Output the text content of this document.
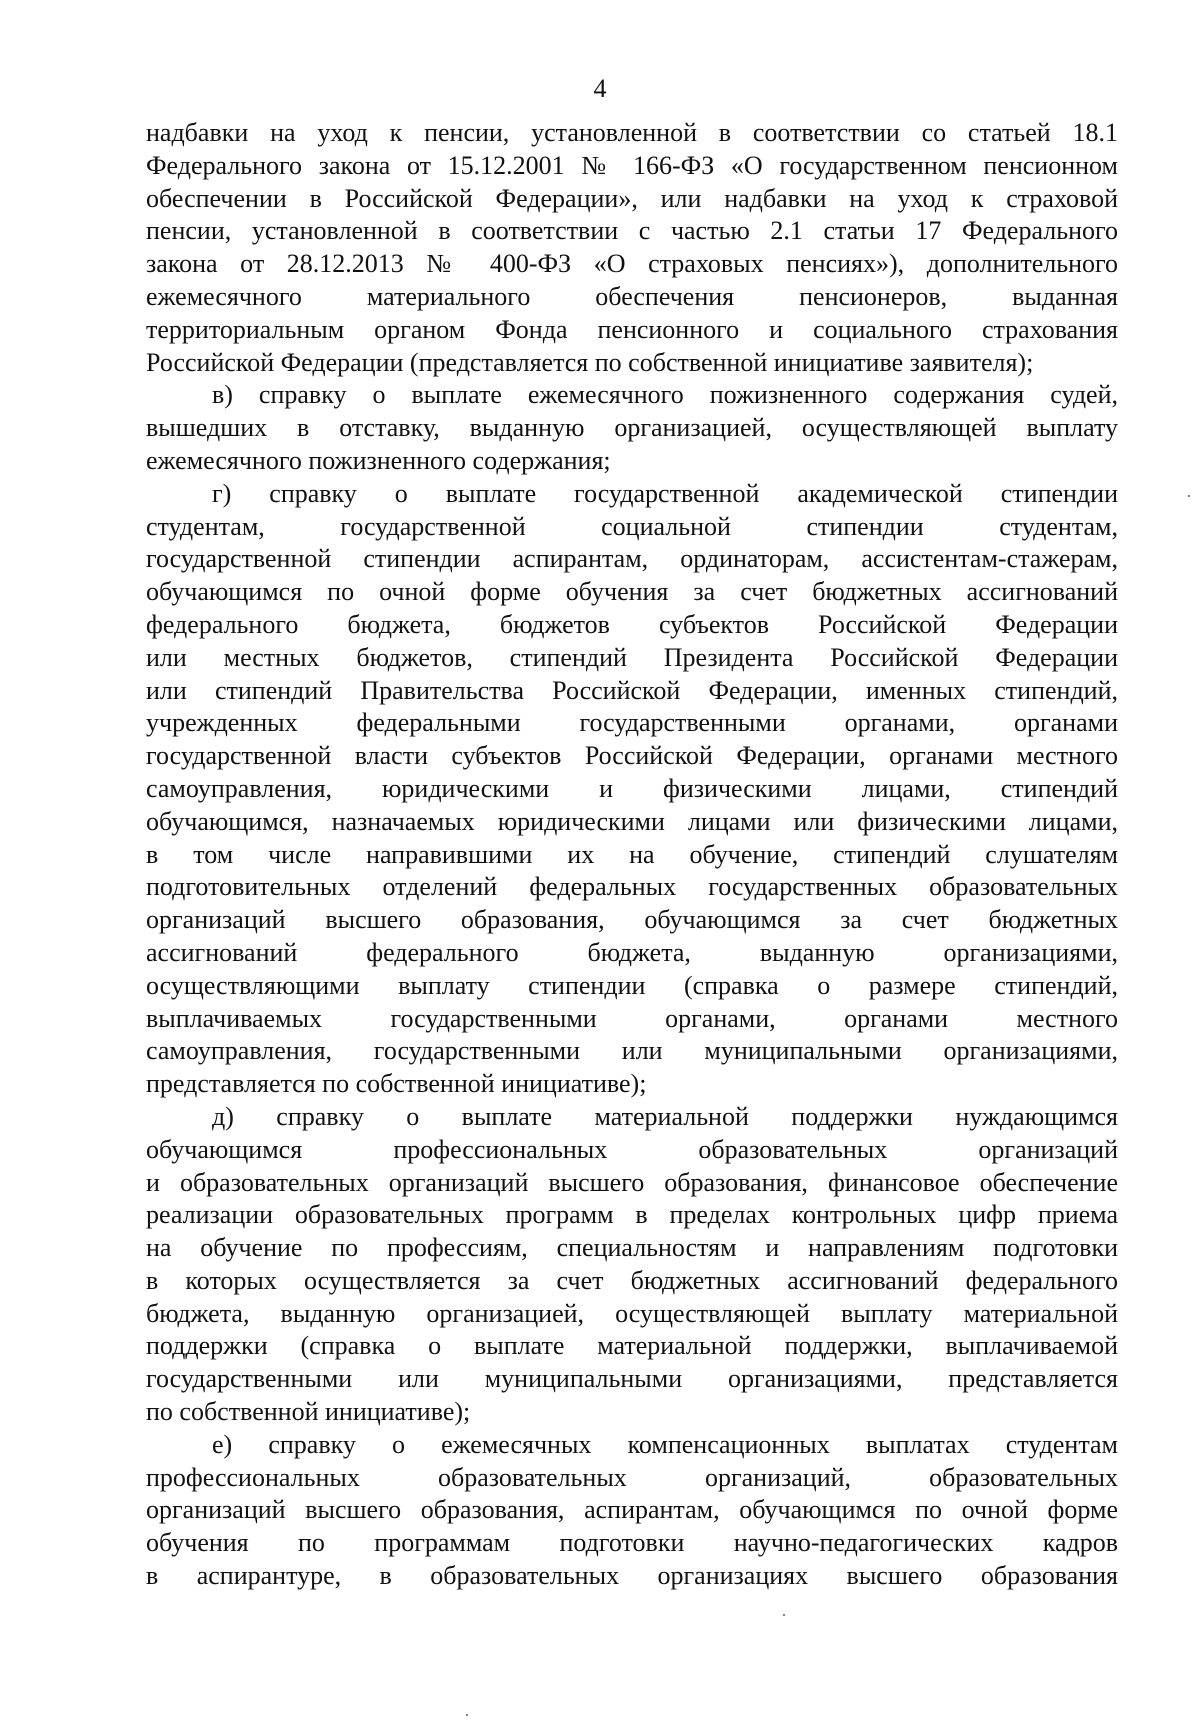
4
надбавки на уход к пенсии, установленной в соответствии со статьей 18.1
Федерального закона от 15.12.2001 № 166-ФЗ «О государственном пенсионном
обеспечении в Российской Федерации», или надбавки на уход к страховой
пенсии, установленной в соответствии с частью 2.1 статьи 17 Федерального
закона от 28.12.2013 № 400-ФЗ «О страховых пенсиях»), дополнительного
ежемесячного материального обеспечения пенсионеров, выданная
территориальным органом Фонда пенсионного и социального страхования
Российской Федерации (представляется по собственной инициативе заявителя);
в) справку о выплате ежемесячного пожизненного содержания судей,
вышедших в отставку, выданную организацией, осуществляющей выплату
ежемесячного пожизненного содержания;
г) справку о выплате государственной академической стипендии
студентам, государственной социальной стипендии студентам,
государственной стипендии аспирантам, ординаторам, ассистентам-стажерам,
обучающимся по очной форме обучения за счет бюджетных ассигнований
федерального бюджета, бюджетов субъектов Российской Федерации
или местных бюджетов, стипендий Президента Российской Федерации
или стипендий Правительства Российской Федерации, именных стипендий,
учрежденных федеральными государственными органами, органами
государственной власти субъектов Российской Федерации, органами местного
самоуправления, юридическими и физическими лицами, стипендий
обучающимся, назначаемых юридическими лицами или физическими лицами,
в том числе направившими их на обучение, стипендий слушателям
подготовительных отделений федеральных государственных образовательных
организаций высшего образования, обучающимся за счет бюджетных
ассигнований федерального бюджета, выданную организациями,
осуществляющими выплату стипендии (справка о размере стипендий,
выплачиваемых государственными органами, органами местного
самоуправления, государственными или муниципальными организациями,
представляется по собственной инициативе);
д) справку о выплате материальной поддержки нуждающимся
обучающимся профессиональных образовательных организаций
и образовательных организаций высшего образования, финансовое обеспечение
реализации образовательных программ в пределах контрольных цифр приема
на обучение по профессиям, специальностям и направлениям подготовки
в которых осуществляется за счет бюджетных ассигнований федерального
бюджета, выданную организацией, осуществляющей выплату материальной
поддержки (справка о выплате материальной поддержки, выплачиваемой
государственными или муниципальными организациями, представляется
по собственной инициативе);
е) справку о ежемесячных компенсационных выплатах студентам
профессиональных образовательных организаций, образовательных
организаций высшего образования, аспирантам, обучающимся по очной форме
обучения по программам подготовки научно-педагогических кадров
в аспирантуре, в образовательных организациях высшего образования
